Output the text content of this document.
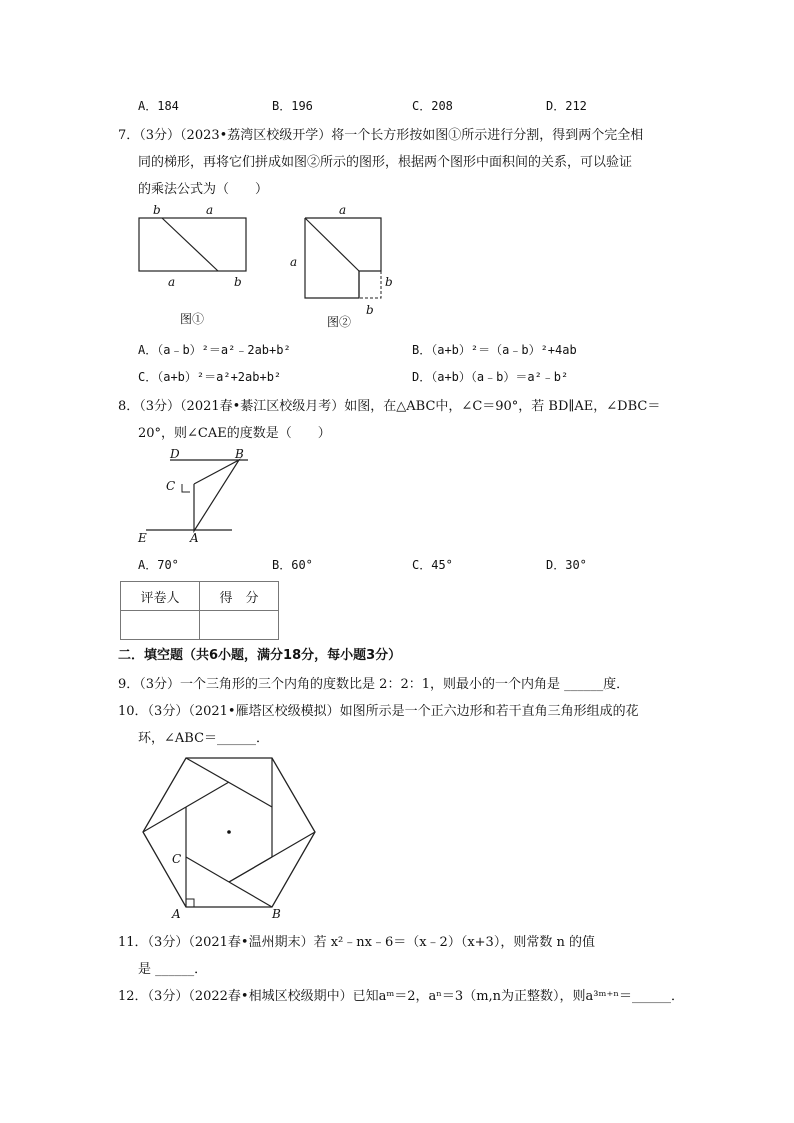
A．184	B．196	C．208	D．212
7．（3分）（2023•荔湾区校级开学）将一个长方形按如图①所示进行分割，得到两个完全相
同的梯形，再将它们拼成如图②所示的图形，根据两个图形中面积间的关系，可以验证
的乘法公式为（　　）
b	a
a	b
图①
a
a
b
b
图②
A．（a﹣b）²＝a²﹣2ab+b²	B．（a+b）²＝（a﹣b）²+4ab
C．（a+b）²＝a²+2ab+b²	D．（a+b）（a﹣b）＝a²﹣b²
8．（3分）（2021春•綦江区校级月考）如图，在△ABC中，∠C＝90°，若 BD∥AE，∠DBC＝
20°，则∠CAE的度数是（　　）
D	B
C
E	A
A．70°	B．60°	C．45°	D．30°
评卷人	得　分

二．填空题（共6小题，满分18分，每小题3分）
9．（3分）一个三角形的三个内角的度数比是 2：2：1，则最小的一个内角是 ______度．
10．（3分）（2021•雁塔区校级模拟）如图所示是一个正六边形和若干直角三角形组成的花
环，∠ABC＝______．
C
A	B
11．（3分）（2021春•温州期末）若 x²﹣nx﹣6＝（x﹣2）（x+3），则常数 n 的值
是 ______．
12．（3分）（2022春•相城区校级期中）已知aᵐ＝2，aⁿ＝3（m,n为正整数），则a³ᵐ⁺ⁿ＝______．
